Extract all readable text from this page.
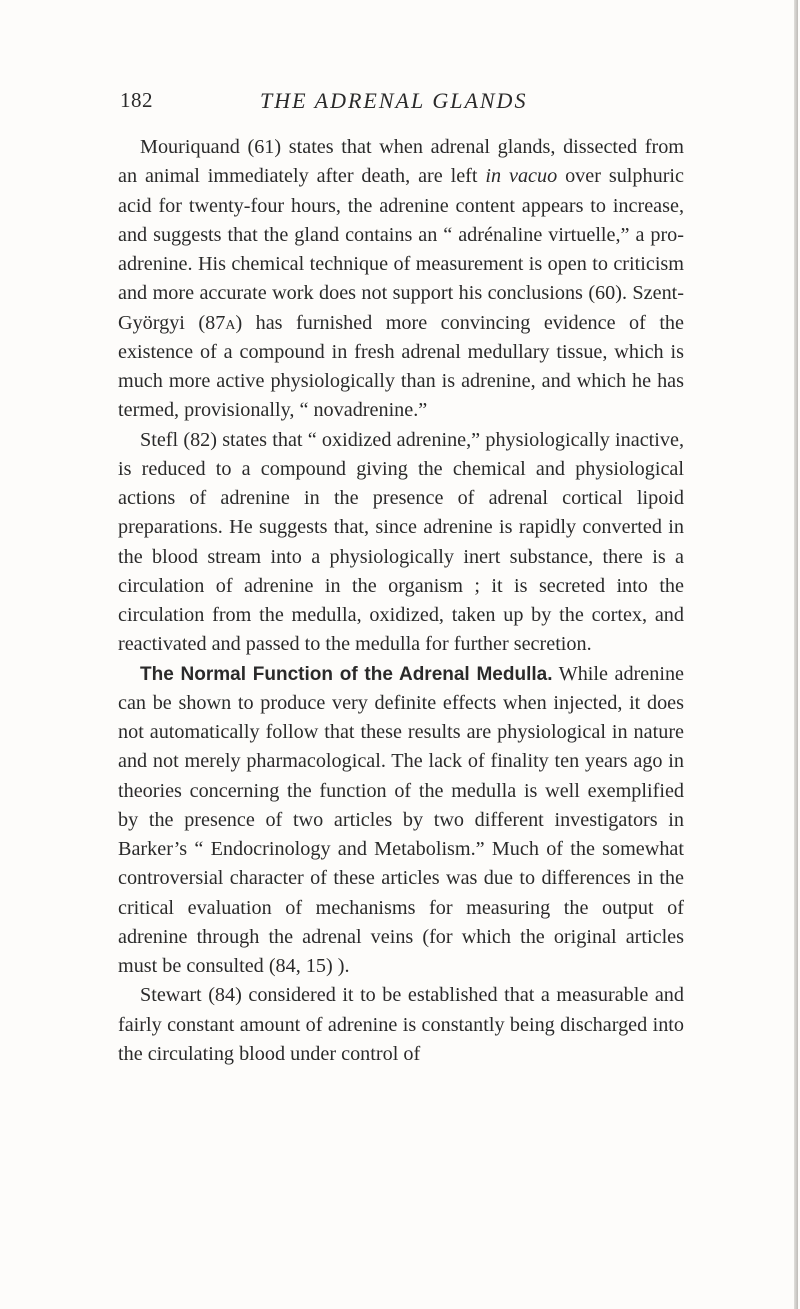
182	THE ADRENAL GLANDS

Mouriquand (61) states that when adrenal glands, dissected from an animal immediately after death, are left in vacuo over sulphuric acid for twenty-four hours, the adrenine content appears to increase, and suggests that the gland contains an “ adrénaline virtuelle,” a pro-adrenine. His chemical technique of measurement is open to criticism and more accurate work does not support his conclusions (60). Szent-Györgyi (87a) has furnished more convincing evidence of the existence of a compound in fresh adrenal medullary tissue, which is much more active physiologically than is adrenine, and which he has termed, provisionally, “ novadrenine.”

Stefl (82) states that “ oxidized adrenine,” physiologically inactive, is reduced to a compound giving the chemical and physiological actions of adrenine in the presence of adrenal cortical lipoid preparations. He suggests that, since adrenine is rapidly converted in the blood stream into a physiologically inert substance, there is a circulation of adrenine in the organism ; it is secreted into the circulation from the medulla, oxidized, taken up by the cortex, and reactivated and passed to the medulla for further secretion.

The Normal Function of the Adrenal Medulla. While adrenine can be shown to produce very definite effects when injected, it does not automatically follow that these results are physiological in nature and not merely pharmacological. The lack of finality ten years ago in theories concerning the function of the medulla is well exemplified by the presence of two articles by two different investigators in Barker’s “ Endocrinology and Metabolism.” Much of the somewhat controversial character of these articles was due to differences in the critical evaluation of mechanisms for measuring the output of adrenine through the adrenal veins (for which the original articles must be consulted (84, 15) ).

Stewart (84) considered it to be established that a measurable and fairly constant amount of adrenine is constantly being discharged into the circulating blood under control of
